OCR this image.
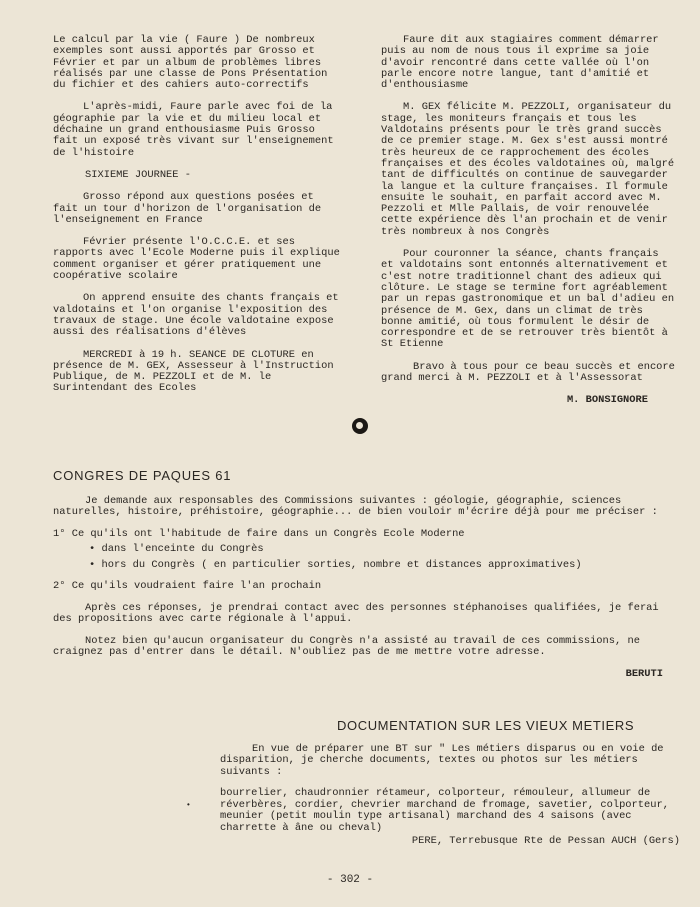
Le calcul par la vie ( Faure ) De nombreux exemples sont aussi apportés par Grosso et Février et par un album de problèmes libres réalisés par une classe de Pons Présentation du fichier et des cahiers auto-correctifs

L'après-midi, Faure parle avec foi de la géographie par la vie et du milieu local et déchaine un grand enthousiasme Puis Grosso fait un exposé très vivant sur l'enseignement de l'histoire

SIXIEME JOURNEE -

Grosso répond aux questions posées et fait un tour d'horizon de l'organisation de l'enseignement en France

Février présente l'O.C.C.E. et ses rapports avec l'Ecole Moderne puis il explique comment organiser et gérer pratiquement une coopérative scolaire

On apprend ensuite des chants français et valdotains et l'on organise l'exposition des travaux de stage. Une école valdotaine expose aussi des réalisations d'élèves

MERCREDI à 19 h. SEANCE DE CLOTURE en présence de M. GEX, Assesseur à l'Instruction Publique, de M. PEZZOLI et de M. le Surintendant des Ecoles

Faure dit aux stagiaires comment démarrer puis au nom de nous tous il exprime sa joie d'avoir rencontré dans cette vallée où l'on parle encore notre langue, tant d'amitié et d'enthousiasme

M. GEX félicite M. PEZZOLI, organisateur du stage, les moniteurs français et tous les Valdotains présents pour le très grand succès de ce premier stage. M. Gex s'est aussi montré très heureux de ce rapprochement des écoles françaises et des écoles valdotaines où, malgré tant de difficultés on continue de sauvegarder la langue et la culture françaises. Il formule ensuite le souhait, en parfait accord avec M. Pezzoli et Mlle Pallais, de voir renouvelée cette expérience dès l'an prochain et de venir très nombreux à nos Congrès

Pour couronner la séance, chants français et valdotains sont entonnés alternativement et c'est notre traditionnel chant des adieux qui clôture. Le stage se termine fort agréablement par un repas gastronomique et un bal d'adieu en présence de M. Gex, dans un climat de très bonne amitié, où tous formulent le désir de correspondre et de se retrouver très bientôt à St Etienne

Bravo à tous pour ce beau succès et encore grand merci à M. PEZZOLI et à l'Assessorat

M. BONSIGNORE

CONGRES DE PAQUES 61

Je demande aux responsables des Commissions suivantes : géologie, géographie, sciences naturelles, histoire, préhistoire, géographie... de bien vouloir m'écrire déjà pour me préciser :

1° Ce qu'ils ont l'habitude de faire dans un Congrès Ecole Moderne

• dans l'enceinte du Congrès

• hors du Congrès ( en particulier sorties, nombre et distances approximatives)

2° Ce qu'ils voudraient faire l'an prochain

Après ces réponses, je prendrai contact avec des personnes stéphanoises qualifiées, je ferai des propositions avec carte régionale à l'appui.

Notez bien qu'aucun organisateur du Congrès n'a assisté au travail de ces commissions, ne craignez pas d'entrer dans le détail. N'oubliez pas de me mettre votre adresse.

BERUTI

•
DOCUMENTATION SUR LES VIEUX METIERS

En vue de préparer une BT sur " Les métiers disparus ou en voie de disparition, je cherche documents, textes ou photos sur les métiers suivants :

bourrelier, chaudronnier rétameur, colporteur, rémouleur, allumeur de réverbères, cordier, chevrier marchand de fromage, savetier, colporteur, meunier (petit moulin type artisanal) marchand des 4 saisons (avec charrette à âne ou cheval)

PERE, Terrebusque Rte de Pessan AUCH (Gers)

- 302 -
